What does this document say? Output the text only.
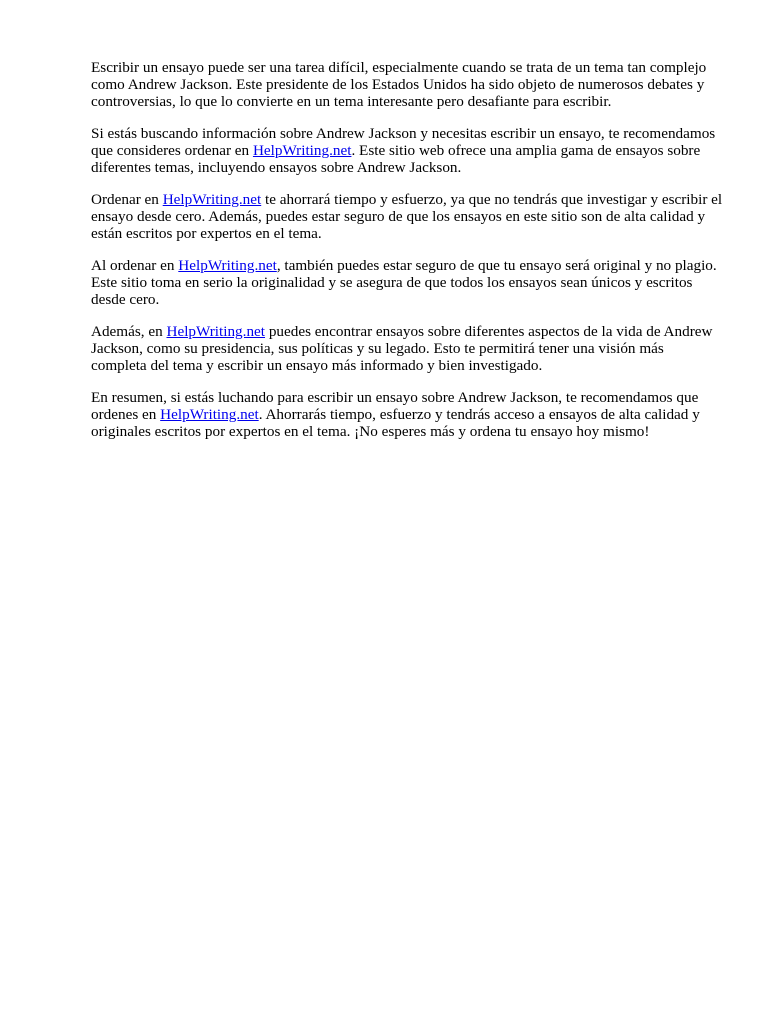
Escribir un ensayo puede ser una tarea difícil, especialmente cuando se trata de un tema tan complejo como Andrew Jackson. Este presidente de los Estados Unidos ha sido objeto de numerosos debates y controversias, lo que lo convierte en un tema interesante pero desafiante para escribir.

Si estás buscando información sobre Andrew Jackson y necesitas escribir un ensayo, te recomendamos que consideres ordenar en HelpWriting.net. Este sitio web ofrece una amplia gama de ensayos sobre diferentes temas, incluyendo ensayos sobre Andrew Jackson.

Ordenar en HelpWriting.net te ahorrará tiempo y esfuerzo, ya que no tendrás que investigar y escribir el ensayo desde cero. Además, puedes estar seguro de que los ensayos en este sitio son de alta calidad y están escritos por expertos en el tema.

Al ordenar en HelpWriting.net, también puedes estar seguro de que tu ensayo será original y no plagio. Este sitio toma en serio la originalidad y se asegura de que todos los ensayos sean únicos y escritos desde cero.

Además, en HelpWriting.net puedes encontrar ensayos sobre diferentes aspectos de la vida de Andrew Jackson, como su presidencia, sus políticas y su legado. Esto te permitirá tener una visión más completa del tema y escribir un ensayo más informado y bien investigado.

En resumen, si estás luchando para escribir un ensayo sobre Andrew Jackson, te recomendamos que ordenes en HelpWriting.net. Ahorrarás tiempo, esfuerzo y tendrás acceso a ensayos de alta calidad y originales escritos por expertos en el tema. ¡No esperes más y ordena tu ensayo hoy mismo!
